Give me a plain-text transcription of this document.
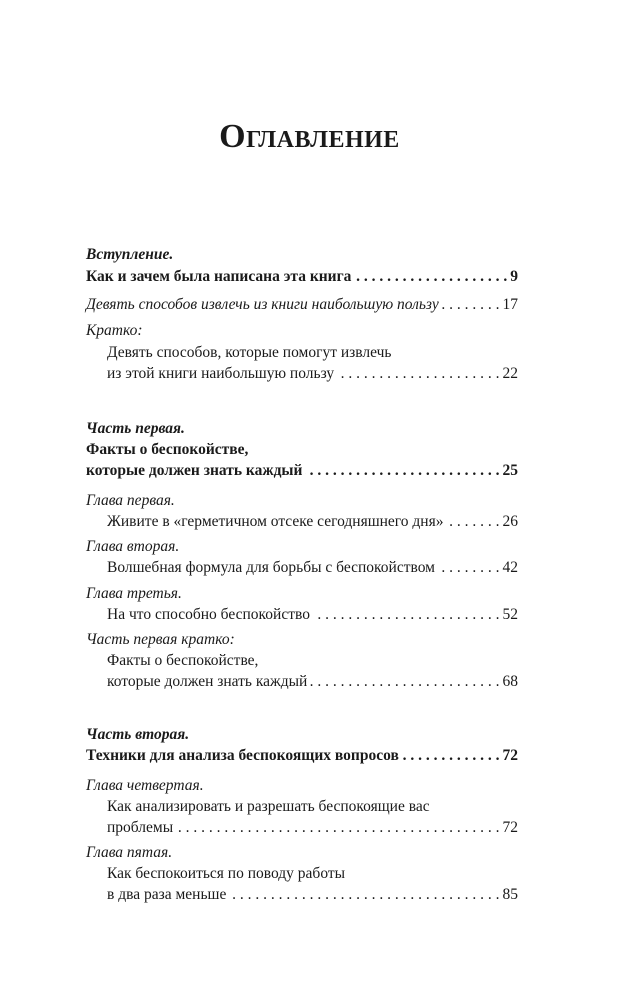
Оглавление
Вступление.
Как и зачем была написана эта книга . . .	9
Девять способов извлечь из книги наибольшую пользу . . .	17
Кратко:
Девять способов, которые помогут извлечь
из этой книги наибольшую пользу . . .	22
Часть первая.
Факты о беспокойстве,
которые должен знать каждый . . .	25
Глава первая.
Живите в «герметичном отсеке сегодняшнего дня» . . .	26
Глава вторая.
Волшебная формула для борьбы с беспокойством . . .	42
Глава третья.
На что способно беспокойство . . .	52
Часть первая кратко:
Факты о беспокойстве,
которые должен знать каждый . . .	68
Часть вторая.
Техники для анализа беспокоящих вопросов . . .	72
Глава четвертая.
Как анализировать и разрешать беспокоящие вас
проблемы . . .	72
Глава пятая.
Как беспокоиться по поводу работы
в два раза меньше . . .	85
